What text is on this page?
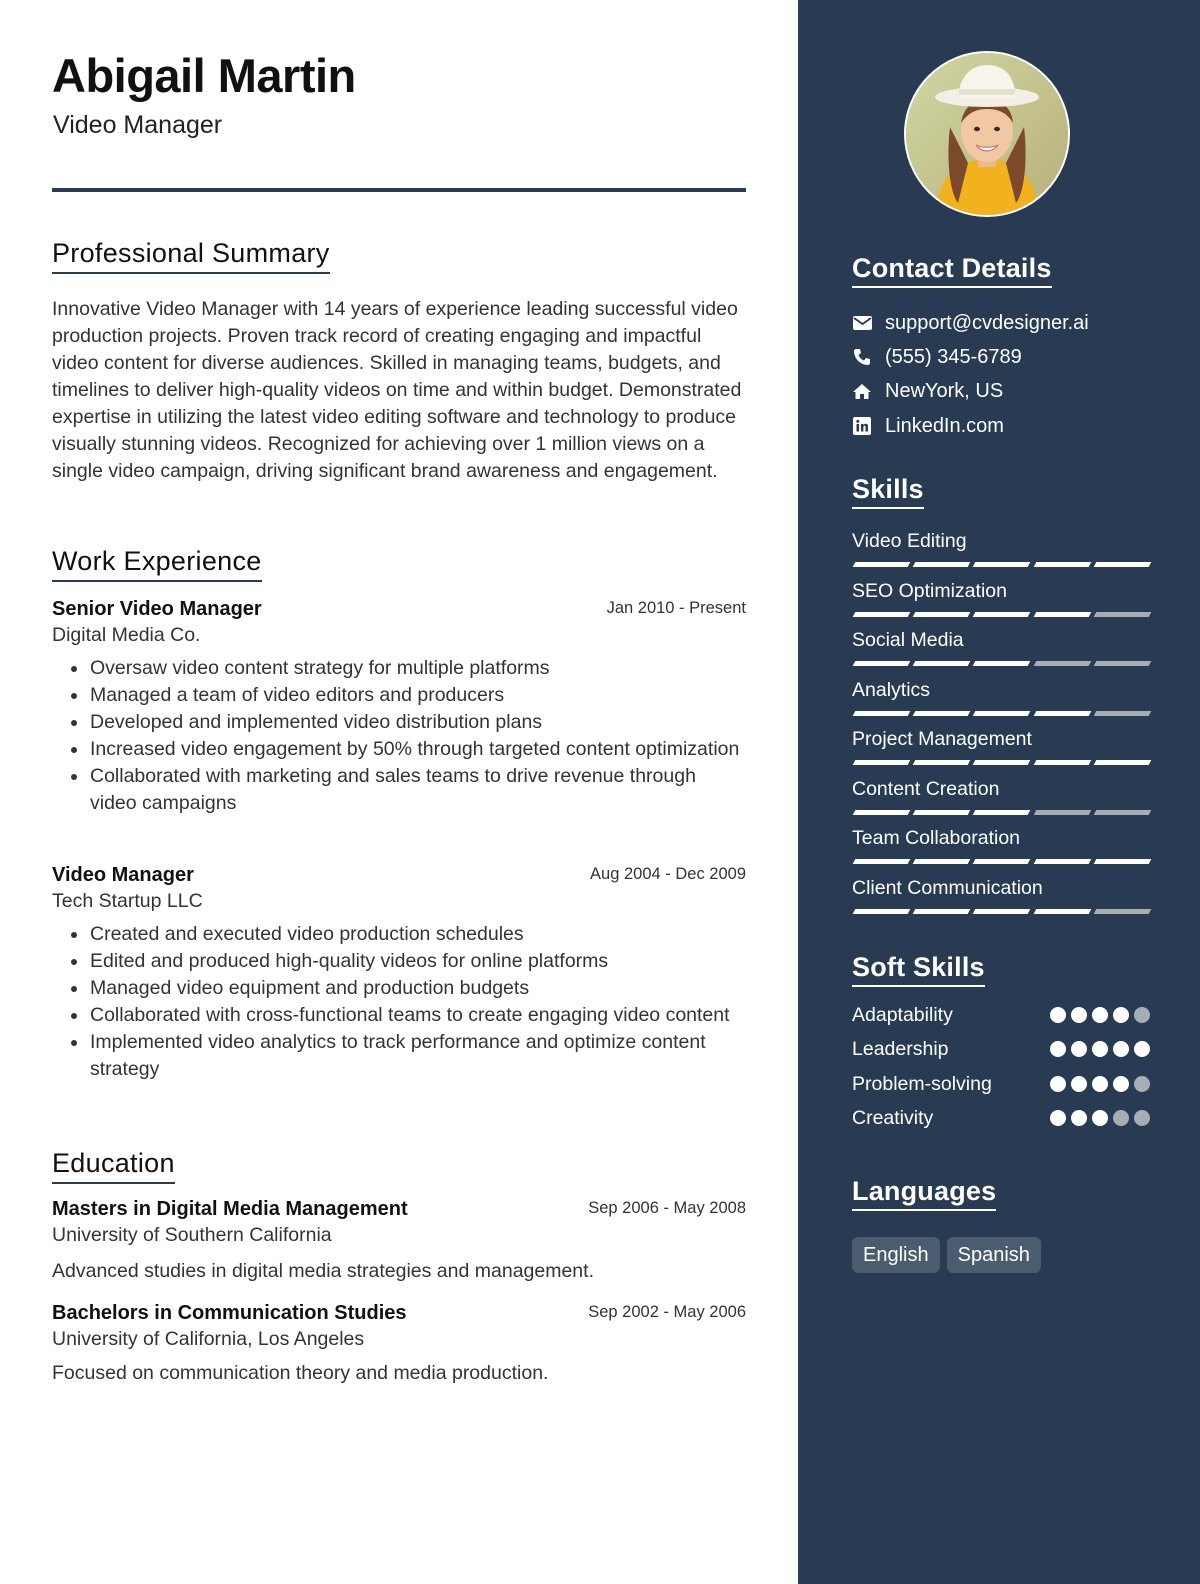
Abigail Martin
Video Manager
Professional Summary

Innovative Video Manager with 14 years of experience leading successful video production projects. Proven track record of creating engaging and impactful video content for diverse audiences. Skilled in managing teams, budgets, and timelines to deliver high-quality videos on time and within budget. Demonstrated expertise in utilizing the latest video editing software and technology to produce visually stunning videos. Recognized for achieving over 1 million views on a single video campaign, driving significant brand awareness and engagement.

Work Experience
Senior Video Manager	Jan 2010 - Present
Digital Media Co.
• Oversaw video content strategy for multiple platforms
• Managed a team of video editors and producers
• Developed and implemented video distribution plans
• Increased video engagement by 50% through targeted content optimization
• Collaborated with marketing and sales teams to drive revenue through video campaigns
Video Manager	Aug 2004 - Dec 2009
Tech Startup LLC
• Created and executed video production schedules
• Edited and produced high-quality videos for online platforms
• Managed video equipment and production budgets
• Collaborated with cross-functional teams to create engaging video content
• Implemented video analytics to track performance and optimize content strategy
Education
Masters in Digital Media Management	Sep 2006 - May 2008
University of Southern California
Advanced studies in digital media strategies and management.
Bachelors in Communication Studies	Sep 2002 - May 2006
University of California, Los Angeles
Focused on communication theory and media production.
Contact Details
support@cvdesigner.ai
(555) 345-6789
NewYork, US
LinkedIn.com
Skills
Video Editing
SEO Optimization
Social Media
Analytics
Project Management
Content Creation
Team Collaboration
Client Communication
Soft Skills
Adaptability
Leadership
Problem-solving
Creativity
Languages
English	Spanish
